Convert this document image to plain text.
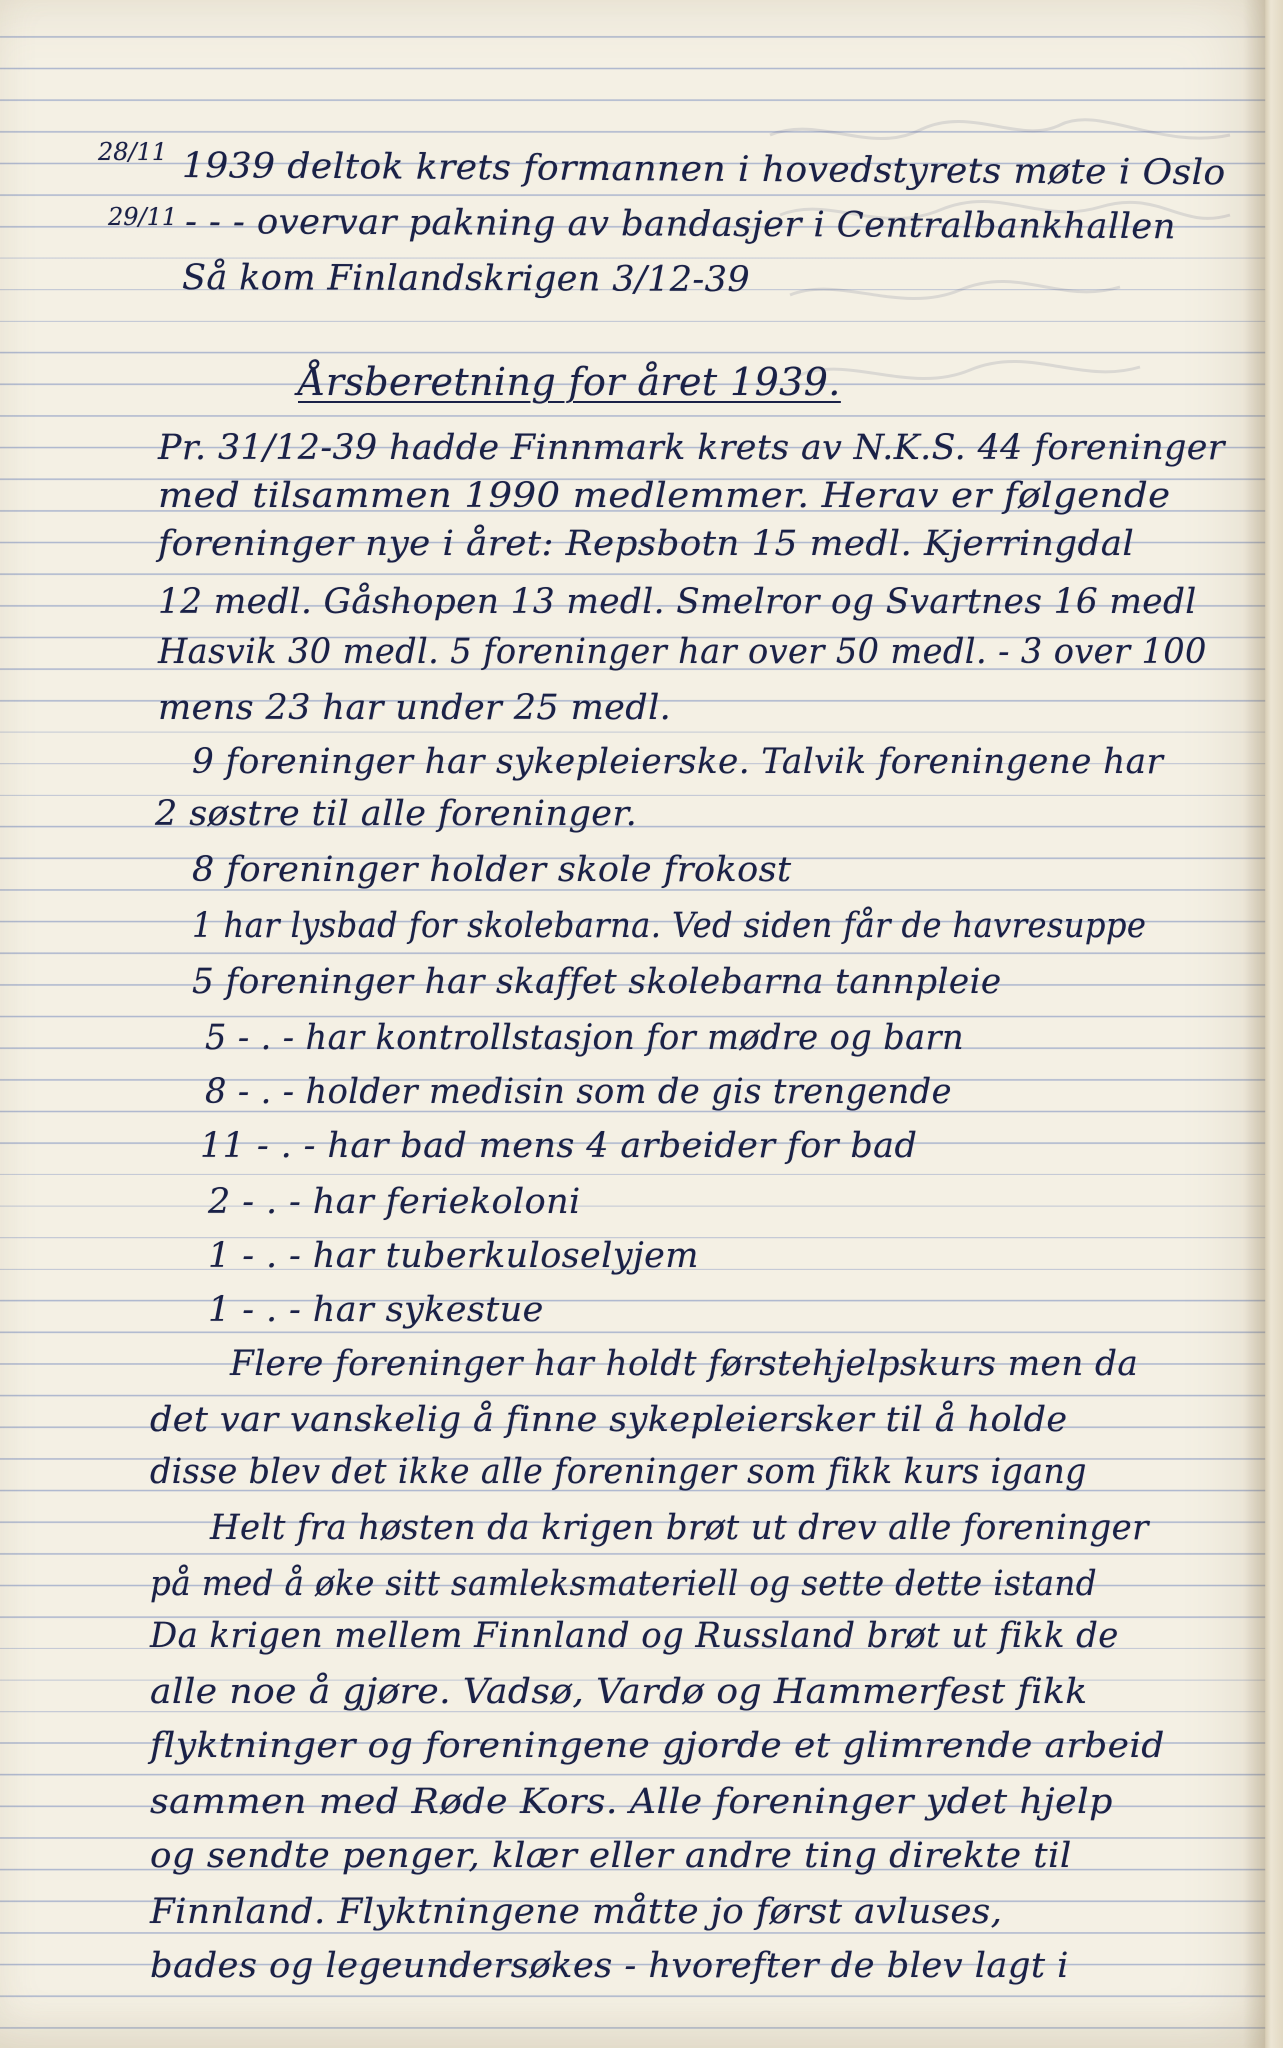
28/11 1939 deltok krets formannen i hovedstyrets møte i Oslo
29/11 - - - overvar pakning av bandasjer i Centralbankhallen
Så kom Finlandskrigen 3/12-39
Årsberetning for året 1939.
Pr. 31/12-39 hadde Finnmark krets av N.K.S. 44 foreninger
med tilsammen 1990 medlemmer. Herav er følgende
foreninger nye i året: Repsbotn 15 medl. Kjerringdal
12 medl. Gåshopen 13 medl. Smelror og Svartnes 16 medl
Hasvik 30 medl. 5 foreninger har over 50 medl. - 3 over 100
mens 23 har under 25 medl.
9 foreninger har sykepleierske. Talvik foreningene har
2 søstre til alle foreninger.
8 foreninger holder skole frokost
1 har lysbad for skolebarna. Ved siden får de havresuppe
5 foreninger har skaffet skolebarna tannpleie
5 - . - har kontrollstasjon for mødre og barn
8 - . - holder medisin som de gis trengende
11 - . - har bad mens 4 arbeider for bad
2 - . - har feriekoloni
1 - . - har tuberkuloselyjem
1 - . - har sykestue
Flere foreninger har holdt førstehjelpskurs men da
det var vanskelig å finne sykepleiersker til å holde
disse blev det ikke alle foreninger som fikk kurs igang
Helt fra høsten da krigen brøt ut drev alle foreninger
på med å øke sitt samleksmateriell og sette dette istand
Da krigen mellem Finnland og Russland brøt ut fikk de
alle noe å gjøre. Vadsø, Vardø og Hammerfest fikk
flyktninger og foreningene gjorde et glimrende arbeid
sammen med Røde Kors. Alle foreninger ydet hjelp
og sendte penger, klær eller andre ting direkte til
Finnland. Flyktningene måtte jo først avluses,
bades og legeundersøkes - hvorefter de blev lagt i
